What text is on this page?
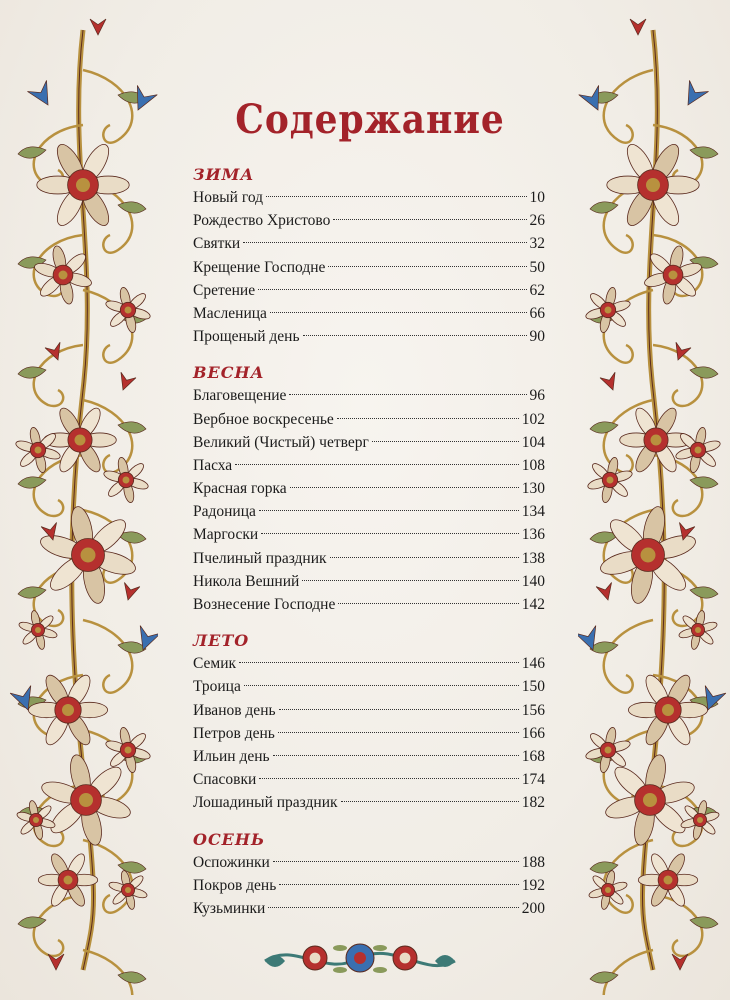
Содержание
ЗИМА
Новый год	10
Рождество Христово	26
Святки	32
Крещение Господне	50
Сретение	62
Масленица	66
Прощеный день	90
ВЕСНА
Благовещение	96
Вербное воскресенье	102
Великий (Чистый) четверг	104
Пасха	108
Красная горка	130
Радоница	134
Маргоски	136
Пчелиный праздник	138
Никола Вешний	140
Вознесение Господне	142
ЛЕТО
Семик	146
Троица	150
Иванов день	156
Петров день	166
Ильин день	168
Спасовки	174
Лошадиный праздник	182
ОСЕНЬ
Оспожинки	188
Покров день	192
Кузьминки	200
